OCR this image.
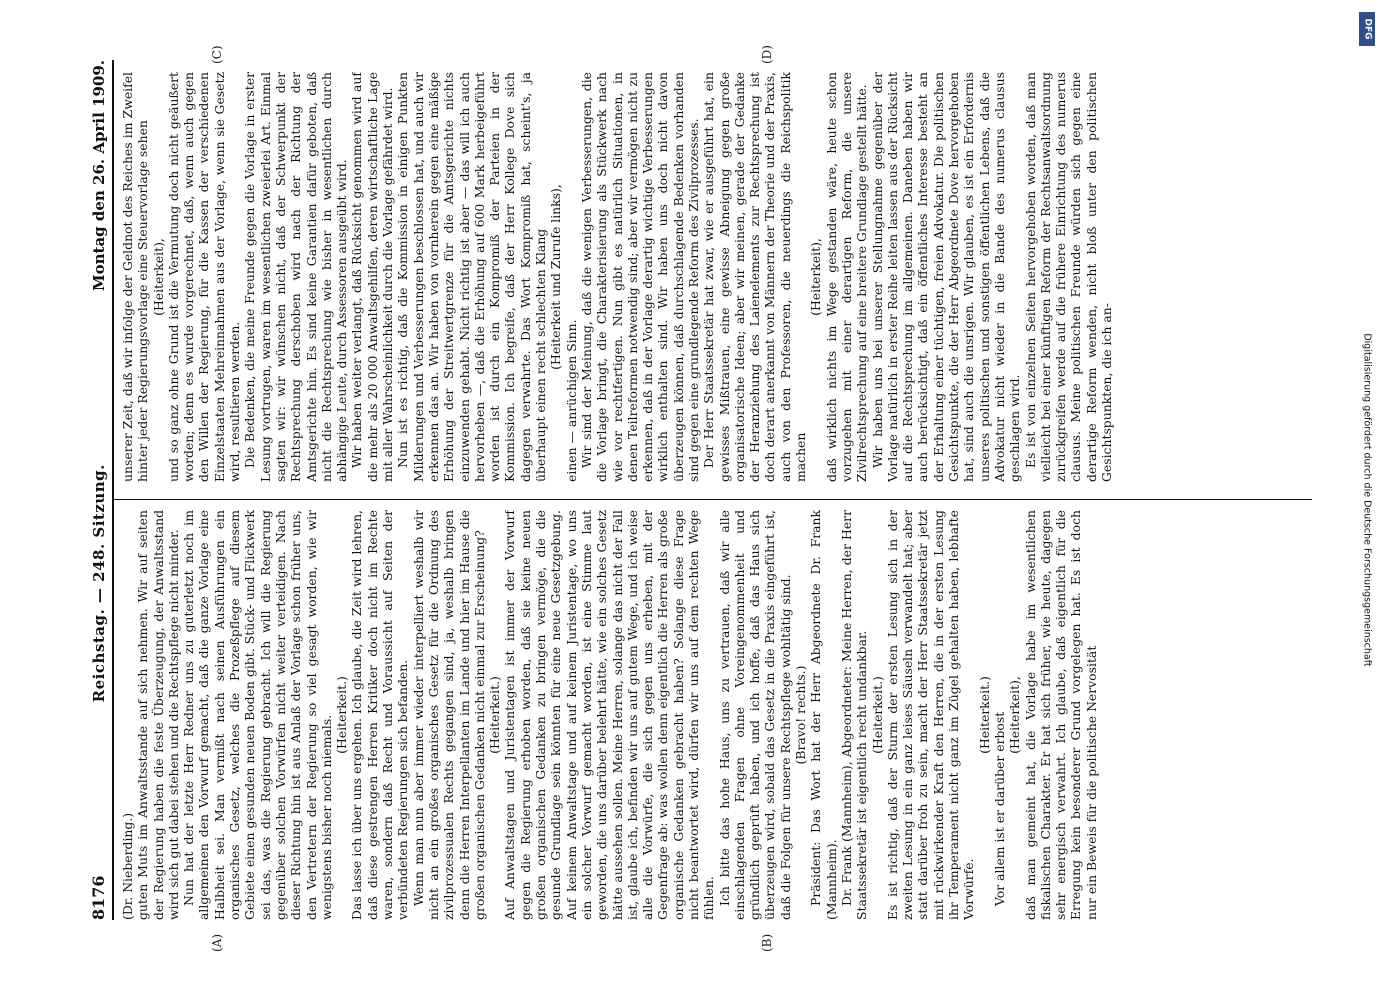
8176
Reichstag. — 248. Sitzung.
Montag den 26. April 1909.
(A)	(B)
(C)	(D)

(Dr. Nieberding.) guten Muts im Anwaltsstande auf sich nehmen. Wir auf seiten der Regierung haben die feste Überzeugung, der Anwaltsstand wird sich gut dabei stehen und die Rechtspflege nicht minder. Nun hat der letzte Herr Redner uns zu guterletzt noch im allgemeinen den Vorwurf gemacht, daß die ganze Vorlage eine Halbheit sei. Man vermißt nach seinen Ausführungen ein organisches Gesetz, welches die Prozeßpflege auf diesem Gebiete einen gesunden neuen Boden gibt. Stück- und Flickwerk sei das, was die Regierung gebracht. Ich will die Regierung gegenüber solchen Vorwürfen nicht weiter verteidigen. Nach dieser Richtung hin ist aus Anlaß der Vorlage schon früher uns, den Vertretern der Regierung so viel gesagt worden, wie wir wenigstens bisher noch niemals. (Heiterkeit.) Das lasse ich über uns ergehen. Ich glaube, die Zeit wird lehren, daß diese gestrengen Herren Kritiker doch nicht im Rechte waren, sondern daß Recht und Voraussicht auf Seiten der verbündeten Regierungen sich befanden. Wenn man nun aber immer wieder interpelliert weshalb wir nicht an ein großes organisches Gesetz für die Ordnung des zivilprozessualen Rechts gegangen sind, ja, weshalb bringen denn die Herren Interpellanten im Lande und hier im Hause die großen organischen Gedanken nicht einmal zur Erscheinung? (Heiterkeit.) Auf Anwaltstagen und Juristentagen ist immer der Vorwurf gegen die Regierung erhoben worden, daß sie keine neuen großen organischen Gedanken zu bringen vermöge, die die gesunde Grundlage sein könnten für eine neue Gesetzgebung. Auf keinem Anwaltstage und auf keinem Juristentage, wo uns ein solcher Vorwurf gemacht worden, ist eine Stimme laut geworden, die uns darüber belehrt hätte, wie ein solches Gesetz hätte aussehen sollen. Meine Herren, solange das nicht der Fall ist, glaube ich, befinden wir uns auf gutem Wege, und ich weise alle die Vorwürfe, die sich gegen uns erheben, mit der Gegenfrage ab: was wollen denn eigentlich die Herren als große organische Gedanken gebracht haben? Solange diese Frage nicht beantwortet wird, dürfen wir uns auf dem rechten Wege fühlen. Ich bitte das hohe Haus, uns zu vertrauen, daß wir alle einschlagenden Fragen ohne Voreingenommenheit und gründlich geprüft haben, und ich hoffe, daß das Haus sich überzeugen wird, sobald das Gesetz in die Praxis eingeführt ist, daß die Folgen für unsere Rechtspflege wohltätig sind. (Bravo! rechts.) Präsident: Das Wort hat der Herr Abgeordnete Dr. Frank (Mannheim). Dr. Frank (Mannheim), Abgeordneter: Meine Herren, der Herr Staatssekretär ist eigentlich recht undankbar. (Heiterkeit.) Es ist richtig, daß der Sturm der ersten Lesung sich in der zweiten Lesung in ein ganz leises Säuseln verwandelt hat; aber statt darüber froh zu sein, macht der Herr Staatssekretär jetzt mit rückwirkender Kraft den Herren, die in der ersten Lesung ihr Temperament nicht ganz im Zügel gehalten haben, lebhafte Vorwürfe.

(Heiterkeit.) Vor allem ist er darüber erbost (Heiterkeit), daß man gemeint hat, die Vorlage habe im wesentlichen fiskalischen Charakter. Er hat sich früher, wie heute, dagegen sehr energisch verwahrt. Ich glaube, daß eigentlich für die Erregung kein besonderer Grund vorgelegen hat. Es ist doch nur ein Beweis für die politische Nervosität

unserer Zeit, daß wir infolge der Geldnot des Reiches im Zweifel hinter jeder Regierungsvorlage eine Steuervorlage sehen (Heiterkeit), und so ganz ohne Grund ist die Vermutung doch nicht geäußert worden; denn es wurde vorgerechnet, daß, wenn auch gegen den Willen der Regierung, für die Kassen der verschiedenen Einzelstaaten Mehreinnahmen aus der Vorlage, wenn sie Gesetz wird, resultieren werden. Die Bedenken, die meine Freunde gegen die Vorlage in erster Lesung vortrugen, waren im wesentlichen zweierlei Art. Einmal sagten wir: wir wünschen nicht, daß der Schwerpunkt der Rechtsprechung derschoben wird nach der Richtung der Amtsgerichte hin. Es sind keine Garantien dafür geboten, daß nicht die Rechtsprechung wie bisher in wesentlichen durch abhängige Leute, durch Assessoren ausgeübt wird. Wir haben weiter verlangt, daß Rücksicht genommen wird auf die mehr als 20 000 Anwaltsgehilfen, deren wirtschaftliche Lage mit aller Wahrscheinlichkeit durch die Vorlage gefährdet wird. Nun ist es richtig, daß die Kommission in einigen Punkten Milderungen und Verbesserungen beschlossen hat, und auch wir erkennen das an. Wir haben von vornherein gegen eine mäßige Erhöhung der Streitwertgrenze für die Amtsgerichte nichts einzuwenden gehabt. Nicht richtig ist aber — das will ich auch hervorheben —, daß die Erhöhung auf 600 Mark herbeigeführt worden ist durch ein Kompromiß der Parteien in der Kommission. Ich begreife, daß der Herr Kollege Dove sich dagegen verwahrte. Das Wort Kompromiß hat, scheint's, ja überhaupt einen recht schlechten Klang (Heiterkeit und Zurufe links),

einen — anrüchigen Sinn. Wir sind der Meinung, daß die wenigen Verbesserungen, die die Vorlage bringt, die Charakterisierung als Stückwerk nach wie vor rechtfertigen. Nun gibt es natürlich Situationen, in denen Teilreformen notwendig sind; aber wir vermögen nicht zu erkennen, daß in der Vorlage derartig wichtige Verbesserungen wirklich enthalten sind. Wir haben uns doch nicht davon überzeugen können, daß durchschlagende Bedenken vorhanden sind gegen eine grundlegende Reform des Zivilprozesses. Der Herr Staatssekretär hat zwar, wie er ausgeführt hat, ein gewisses Mißtrauen, eine gewisse Abneigung gegen große organisatorische Ideen; aber wir meinen, gerade der Gedanke der Heranziehung des Laienelements zur Rechtsprechung ist doch derart anerkannt von Männern der Theorie und der Praxis, auch von den Professoren, die neuerdings die Reichspolitik machen

(Heiterkeit), daß wirklich nichts im Wege gestanden wäre, heute schon vorzugehen mit einer derartigen Reform, die unsere Zivilrechtsprechung auf eine breitere Grundlage gestellt hätte. Wir haben uns bei unserer Stellungnahme gegenüber der Vorlage natürlich in erster Reihe leiten lassen aus der Rücksicht auf die Rechtsprechung im allgemeinen. Daneben haben wir auch berücksichtigt, daß ein öffentliches Interesse besteht an der Erhaltung einer tüchtigen, freien Advokatur. Die politischen Gesichtspunkte, die der Herr Abgeordnete Dove hervorgehoben hat, sind auch die unsrigen. Wir glauben, es ist ein Erfordernis unseres politischen und sonstigen öffentlichen Lebens, daß die Advokatur nicht wieder in die Bande des numerus clausus geschlagen wird. Es ist von einzelnen Seiten hervorgehoben worden, daß man vielleicht bei einer künftigen Reform der Rechtsanwaltsordnung zurückgreifen werde auf die frühere Einrichtung des numerus clausus. Meine politischen Freunde würden sich gegen eine derartige Reform wenden, nicht bloß unter den politischen Gesichtspunkten, die ich an-

DFG
Digitalisierung gefördert durch die Deutsche Forschungsgemeinschaft
